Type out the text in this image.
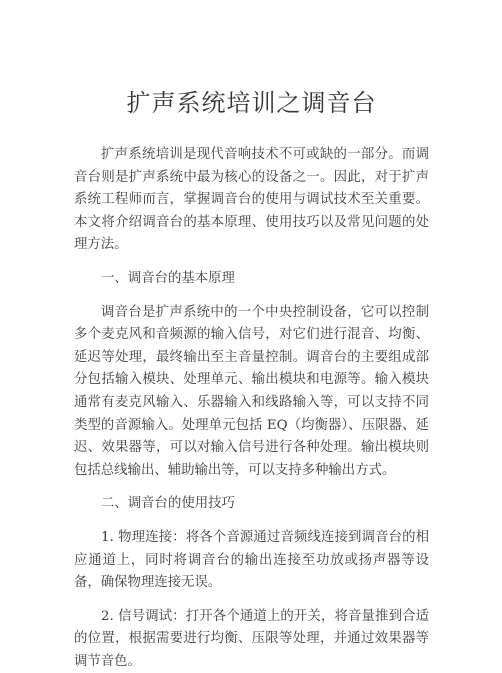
扩声系统培训之调音台

扩声系统培训是现代音响技术不可或缺的一部分。而调音台则是扩声系统中最为核心的设备之一。因此，对于扩声系统工程师而言，掌握调音台的使用与调试技术至关重要。本文将介绍调音台的基本原理、使用技巧以及常见问题的处理方法。

一、调音台的基本原理

调音台是扩声系统中的一个中央控制设备，它可以控制多个麦克风和音频源的输入信号，对它们进行混音、均衡、延迟等处理，最终输出至主音量控制。调音台的主要组成部分包括输入模块、处理单元、输出模块和电源等。输入模块通常有麦克风输入、乐器输入和线路输入等，可以支持不同类型的音源输入。处理单元包括 EQ（均衡器）、压限器、延迟、效果器等，可以对输入信号进行各种处理。输出模块则包括总线输出、辅助输出等，可以支持多种输出方式。

二、调音台的使用技巧

1. 物理连接：将各个音源通过音频线连接到调音台的相应通道上，同时将调音台的输出连接至功放或扬声器等设备，确保物理连接无误。

2. 信号调试：打开各个通道上的开关，将音量推到合适的位置，根据需要进行均衡、压限等处理，并通过效果器等调节音色。
